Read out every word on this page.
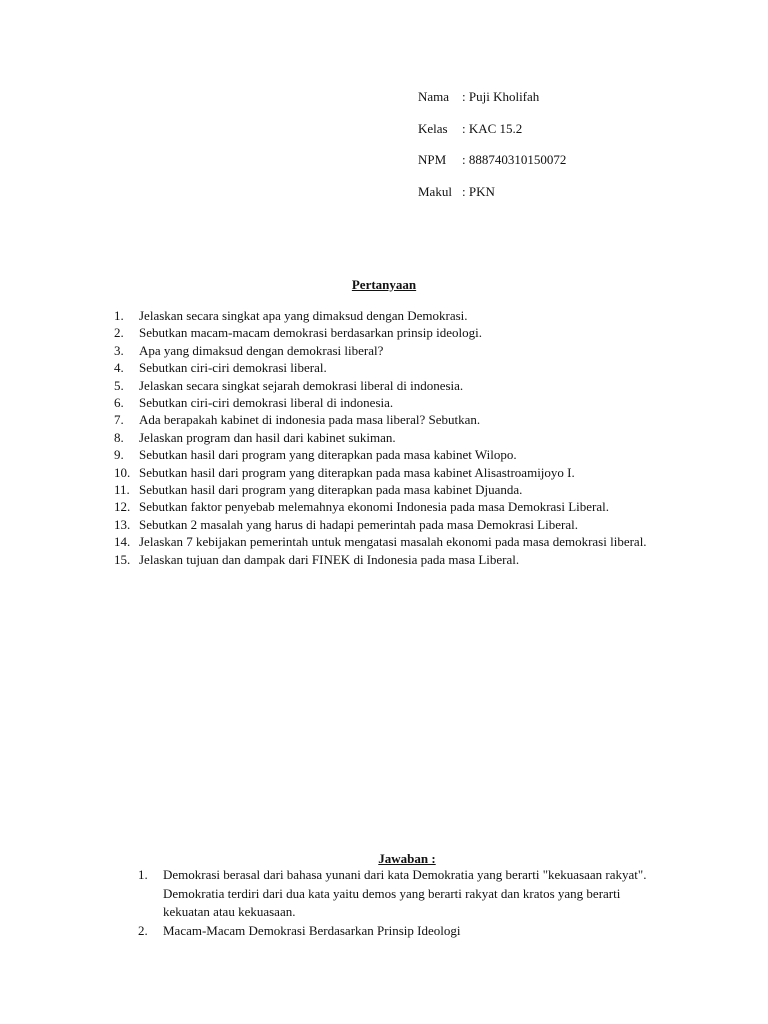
Nama : Puji Kholifah
Kelas : KAC 15.2
NPM : 888740310150072
Makul : PKN
Pertanyaan
1. Jelaskan secara singkat apa yang dimaksud dengan Demokrasi.
2. Sebutkan macam-macam demokrasi berdasarkan prinsip ideologi.
3. Apa yang dimaksud dengan demokrasi liberal?
4. Sebutkan ciri-ciri demokrasi liberal.
5. Jelaskan secara singkat sejarah demokrasi liberal di indonesia.
6. Sebutkan ciri-ciri demokrasi liberal di indonesia.
7. Ada berapakah kabinet di indonesia pada masa liberal? Sebutkan.
8. Jelaskan program dan hasil dari kabinet sukiman.
9. Sebutkan hasil dari program yang diterapkan pada masa kabinet Wilopo.
10. Sebutkan hasil dari program yang diterapkan pada masa kabinet Alisastroamijoyo I.
11. Sebutkan hasil dari program yang diterapkan pada masa kabinet Djuanda.
12. Sebutkan faktor penyebab melemahnya ekonomi Indonesia pada masa Demokrasi Liberal.
13. Sebutkan 2 masalah yang harus di hadapi pemerintah pada masa Demokrasi Liberal.
14. Jelaskan 7 kebijakan pemerintah untuk mengatasi masalah ekonomi pada masa demokrasi liberal.
15. Jelaskan tujuan dan dampak dari FINEK di Indonesia pada masa Liberal.
Jawaban :
1. Demokrasi berasal dari bahasa yunani dari kata Demokratia yang berarti "kekuasaan rakyat". Demokratia terdiri dari dua kata yaitu demos yang berarti rakyat dan kratos yang berarti kekuatan atau kekuasaan.
2. Macam-Macam Demokrasi Berdasarkan Prinsip Ideologi
